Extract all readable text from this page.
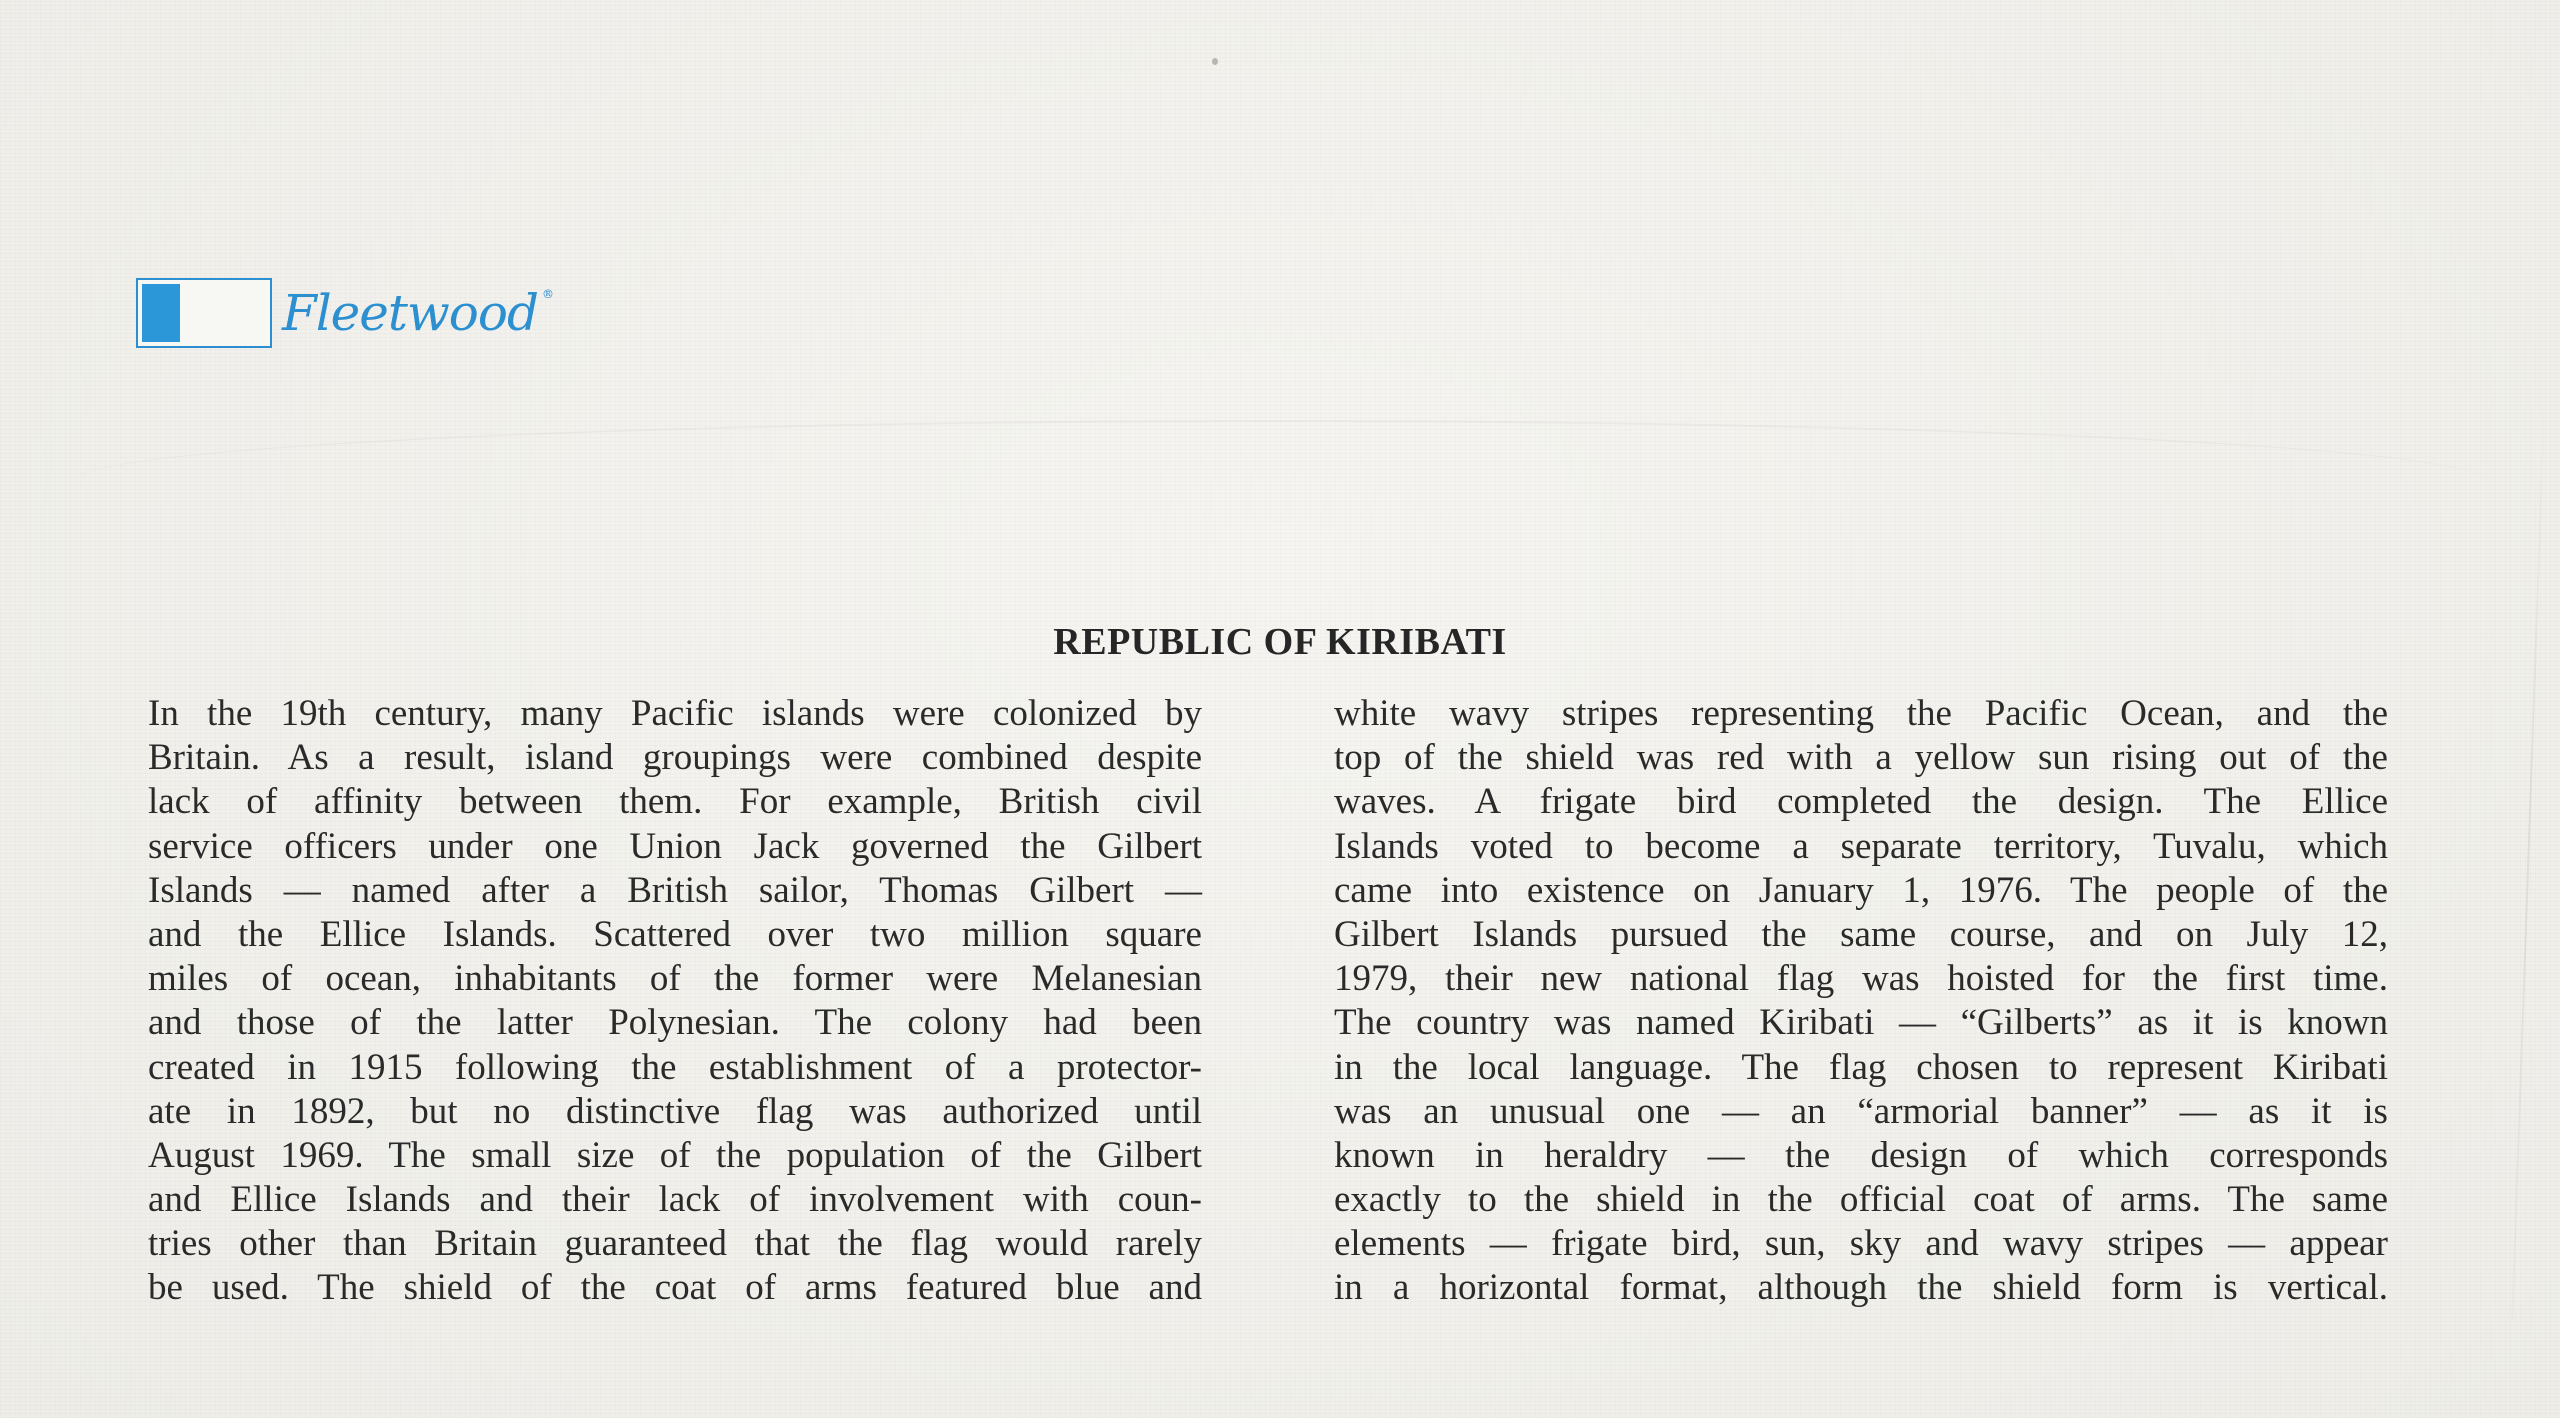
Fleetwood ®
REPUBLIC OF KIRIBATI
In the 19th century, many Pacific islands were colonized by
Britain. As a result, island groupings were combined despite
lack of affinity between them. For example, British civil
service officers under one Union Jack governed the Gilbert
Islands — named after a British sailor, Thomas Gilbert —
and the Ellice Islands. Scattered over two million square
miles of ocean, inhabitants of the former were Melanesian
and those of the latter Polynesian. The colony had been
created in 1915 following the establishment of a protector-
ate in 1892, but no distinctive flag was authorized until
August 1969. The small size of the population of the Gilbert
and Ellice Islands and their lack of involvement with coun-
tries other than Britain guaranteed that the flag would rarely
be used. The shield of the coat of arms featured blue and
white wavy stripes representing the Pacific Ocean, and the
top of the shield was red with a yellow sun rising out of the
waves. A frigate bird completed the design. The Ellice
Islands voted to become a separate territory, Tuvalu, which
came into existence on January 1, 1976. The people of the
Gilbert Islands pursued the same course, and on July 12,
1979, their new national flag was hoisted for the first time.
The country was named Kiribati — “Gilberts” as it is known
in the local language. The flag chosen to represent Kiribati
was an unusual one — an “armorial banner” — as it is
known in heraldry — the design of which corresponds
exactly to the shield in the official coat of arms. The same
elements — frigate bird, sun, sky and wavy stripes — appear
in a horizontal format, although the shield form is vertical.
